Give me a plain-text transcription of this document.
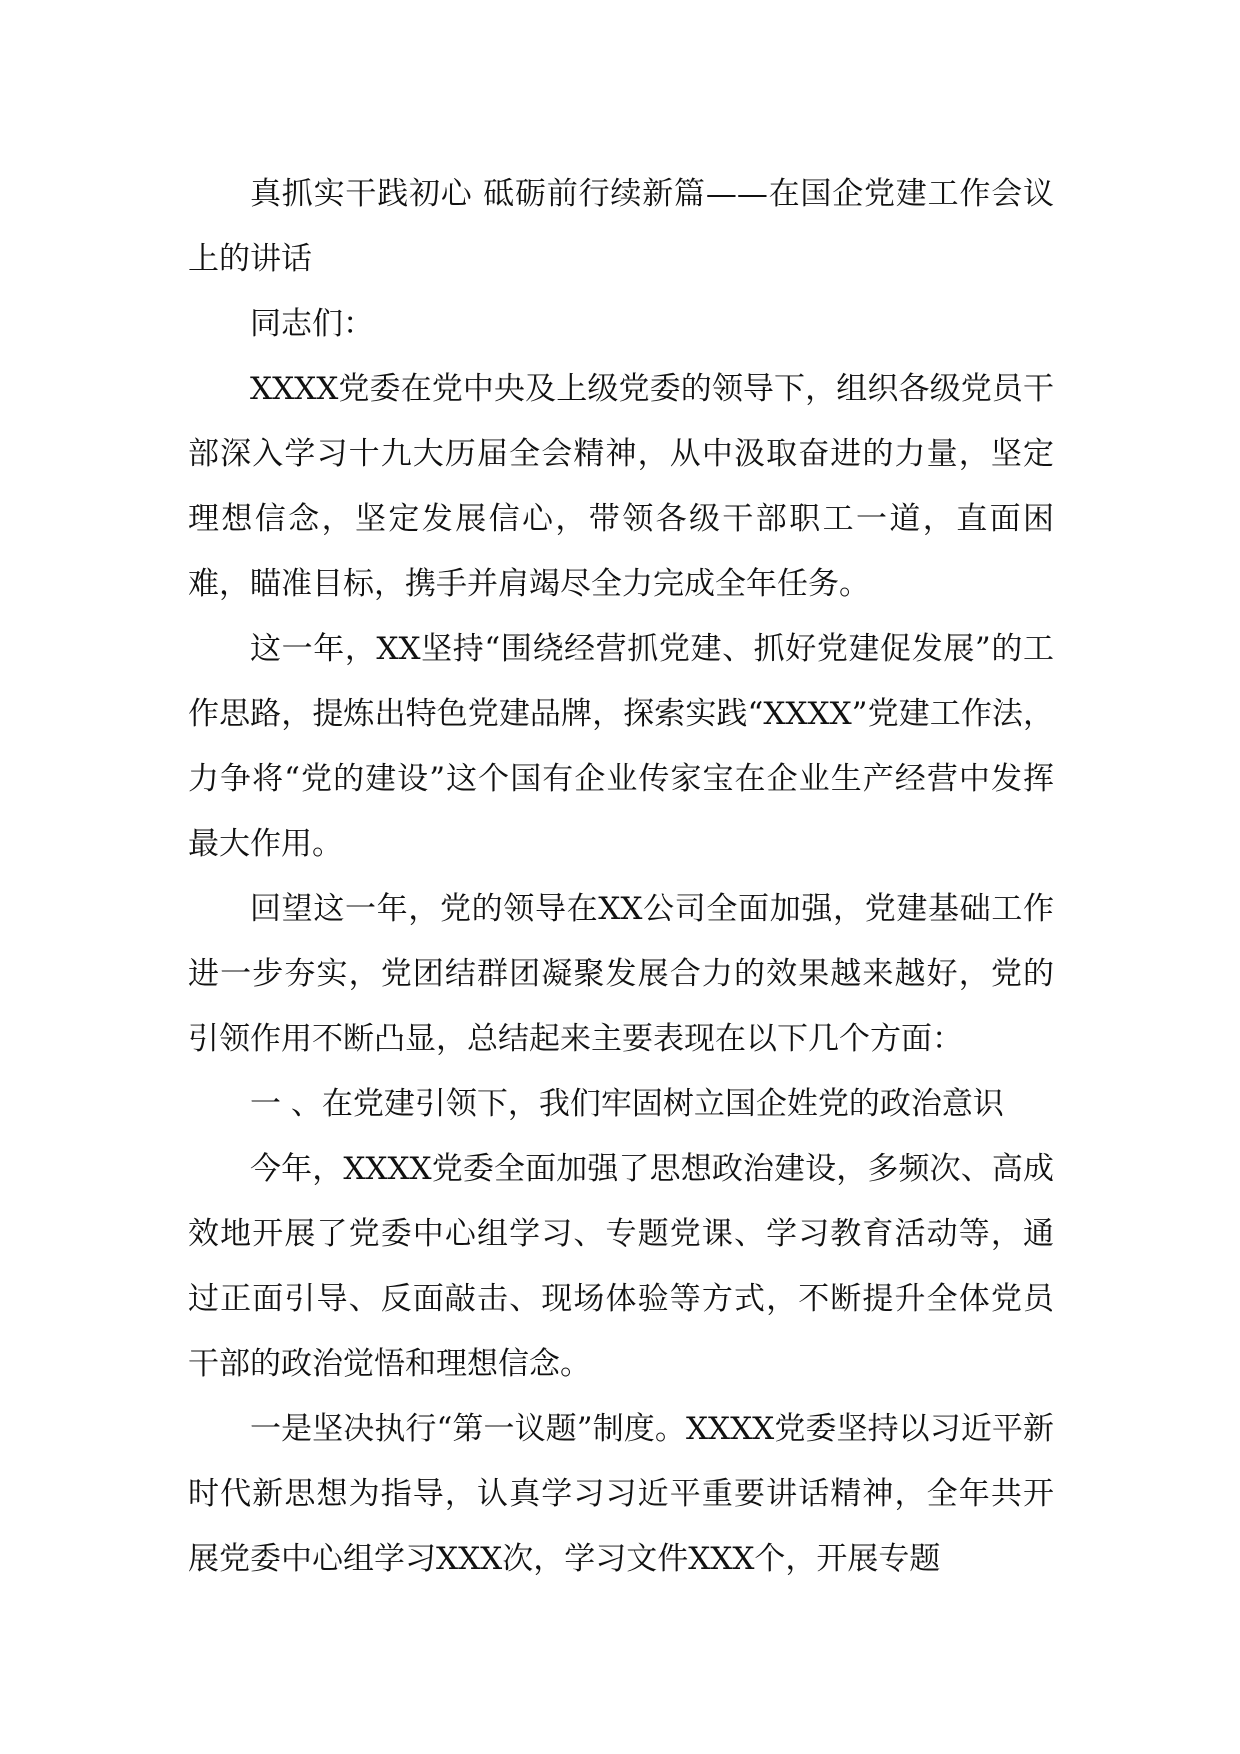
真抓实干践初心 砥砺前行续新篇——在国企党建工作会议上的讲话

同志们：

XXXX党委在党中央及上级党委的领导下，组织各级党员干部深入学习十九大历届全会精神，从中汲取奋进的力量，坚定理想信念，坚定发展信心，带领各级干部职工一道，直面困难，瞄准目标，携手并肩竭尽全力完成全年任务。

这一年，XX坚持“围绕经营抓党建、抓好党建促发展”的工作思路，提炼出特色党建品牌，探索实践“XXXX”党建工作法，力争将“党的建设”这个国有企业传家宝在企业生产经营中发挥最大作用。

回望这一年，党的领导在XX公司全面加强，党建基础工作进一步夯实，党团结群团凝聚发展合力的效果越来越好，党的引领作用不断凸显，总结起来主要表现在以下几个方面：

一 、在党建引领下，我们牢固树立国企姓党的政治意识

今年，XXXX党委全面加强了思想政治建设，多频次、高成效地开展了党委中心组学习、专题党课、学习教育活动等，通过正面引导、反面敲击、现场体验等方式，不断提升全体党员干部的政治觉悟和理想信念。

一是坚决执行“第一议题”制度。XXXX党委坚持以习近平新时代新思想为指导，认真学习习近平重要讲话精神，全年共开展党委中心组学习XXX次，学习文件XXX个，开展专题
